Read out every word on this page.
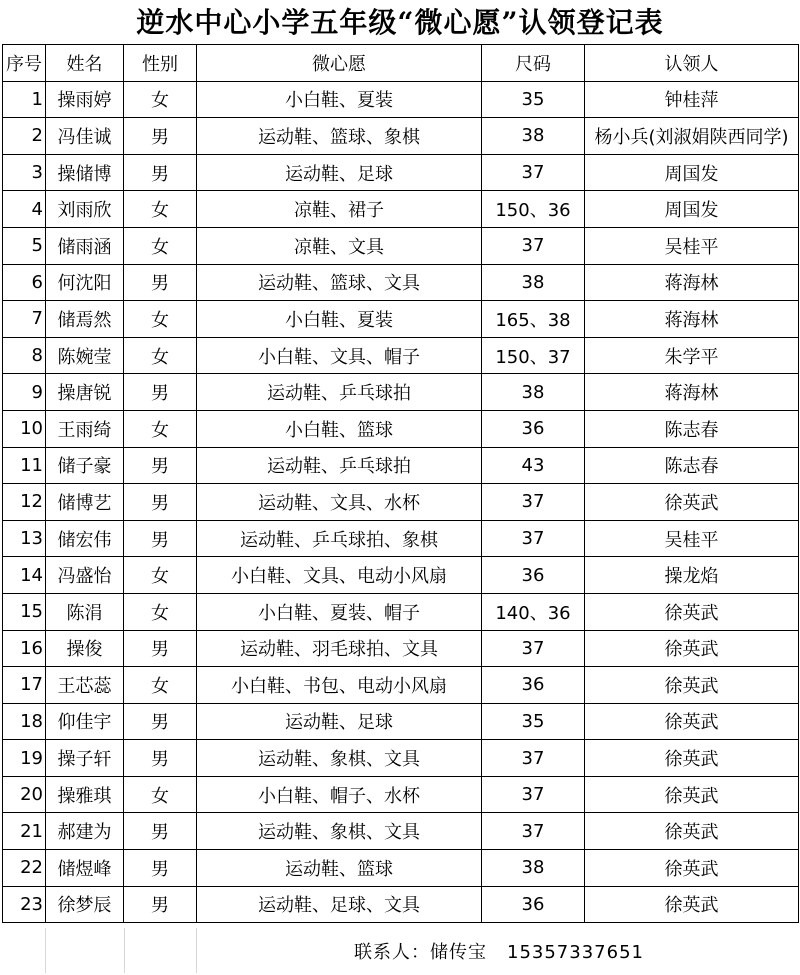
逆水中心小学五年级“微心愿”认领登记表
序号	姓名	性别	微心愿	尺码	认领人
1	操雨婷	女	小白鞋、夏装	35	钟桂萍
2	冯佳诚	男	运动鞋、篮球、象棋	38	杨小兵(刘淑娟陕西同学)
3	操储博	男	运动鞋、足球	37	周国发
4	刘雨欣	女	凉鞋、裙子	150、36	周国发
5	储雨涵	女	凉鞋、文具	37	吴桂平
6	何沈阳	男	运动鞋、篮球、文具	38	蒋海林
7	储焉然	女	小白鞋、夏装	165、38	蒋海林
8	陈婉莹	女	小白鞋、文具、帽子	150、37	朱学平
9	操唐锐	男	运动鞋、乒乓球拍	38	蒋海林
10	王雨绮	女	小白鞋、篮球	36	陈志春
11	储子豪	男	运动鞋、乒乓球拍	43	陈志春
12	储博艺	男	运动鞋、文具、水杯	37	徐英武
13	储宏伟	男	运动鞋、乒乓球拍、象棋	37	吴桂平
14	冯盛怡	女	小白鞋、文具、电动小风扇	36	操龙焰
15	陈涓	女	小白鞋、夏装、帽子	140、36	徐英武
16	操俊	男	运动鞋、羽毛球拍、文具	37	徐英武
17	王芯蕊	女	小白鞋、书包、电动小风扇	36	徐英武
18	仰佳宇	男	运动鞋、足球	35	徐英武
19	操子轩	男	运动鞋、象棋、文具	37	徐英武
20	操雅琪	女	小白鞋、帽子、水杯	37	徐英武
21	郝建为	男	运动鞋、象棋、文具	37	徐英武
22	储煜峰	男	运动鞋、篮球	38	徐英武
23	徐梦辰	男	运动鞋、足球、文具	36	徐英武
联系人：储传宝 15357337651
